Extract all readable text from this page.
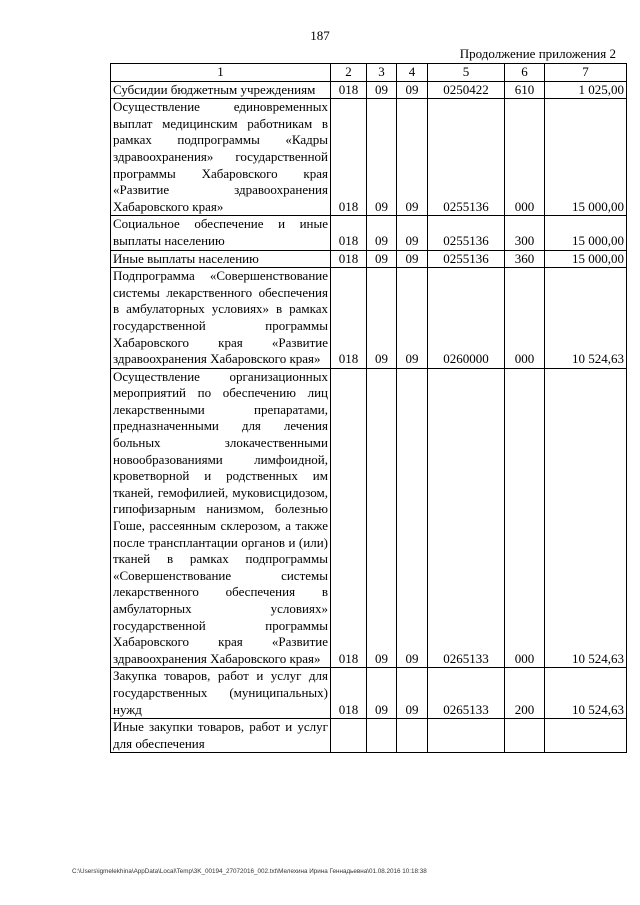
187
Продолжение приложения 2
1	2	3	4	5	6	7
Субсидии бюджетным учреждениям	018	09	09	0250422	610	1 025,00
Осуществление единовременных выплат медицинским работникам в рамках подпрограммы «Кадры здравоохранения» государственной программы Хабаровского края «Развитие здравоохранения Хабаровского края»	018	09	09	0255136	000	15 000,00
Социальное обеспечение и иные выплаты населению	018	09	09	0255136	300	15 000,00
Иные выплаты населению	018	09	09	0255136	360	15 000,00
Подпрограмма «Совершенствование системы лекарственного обеспечения в амбулаторных условиях» в рамках государственной программы Хабаровского края «Развитие здравоохранения Хабаровского края»	018	09	09	0260000	000	10 524,63
Осуществление организационных мероприятий по обеспечению лиц лекарственными препаратами, предназначенными для лечения больных злокачественными новообразованиями лимфоидной, кроветворной и родственных им тканей, гемофилией, муковисцидозом, гипофизарным нанизмом, болезнью Гоше, рассеянным склерозом, а также после трансплантации органов и (или) тканей в рамках подпрограммы «Совершенствование системы лекарственного обеспечения в амбулаторных условиях» государственной программы Хабаровского края «Развитие здравоохранения Хабаровского края»	018	09	09	0265133	000	10 524,63
Закупка товаров, работ и услуг для государственных (муниципальных) нужд	018	09	09	0265133	200	10 524,63
Иные закупки товаров, работ и услуг для обеспечения						
C:\Users\igmelekhina\AppData\Local\Temp\3K_00194_27072016_002.txt\Мелехина Ирина Геннадьевна\01.08.2016 10:18:38
